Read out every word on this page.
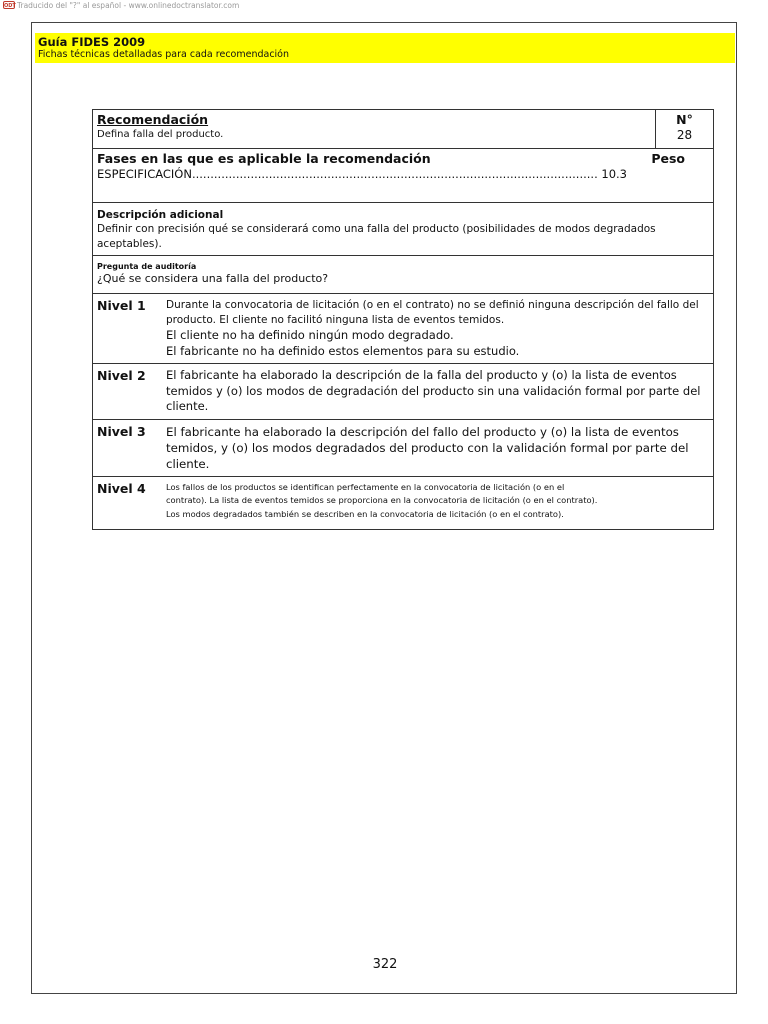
ODT Traducido del "?" al español - www.onlinedoctranslator.com
Guía FIDES 2009
Fichas técnicas detalladas para cada recomendación
Recomendación
Defina falla del producto.

N°
28

Fases en las que es aplicable la recomendación	Peso
ESPECIFICACIÓN............................................................................................................... 10.3

Descripción adicional
Definir con precisión qué se considerará como una falla del producto (posibilidades de modos degradados aceptables).

Pregunta de auditoría
¿Qué se considera una falla del producto?

Nivel 1	Durante la convocatoria de licitación (o en el contrato) no se definió ninguna descripción del fallo del producto. El cliente no facilitó ninguna lista de eventos temidos.
El cliente no ha definido ningún modo degradado.
El fabricante no ha definido estos elementos para su estudio.

Nivel 2	El fabricante ha elaborado la descripción de la falla del producto y (o) la lista de eventos temidos y (o) los modos de degradación del producto sin una validación formal por parte del cliente.

Nivel 3	El fabricante ha elaborado la descripción del fallo del producto y (o) la lista de eventos temidos, y (o) los modos degradados del producto con la validación formal por parte del cliente.

Nivel 4	Los fallos de los productos se identifican perfectamente en la convocatoria de licitación (o en el
contrato). La lista de eventos temidos se proporciona en la convocatoria de licitación (o en el contrato).
Los modos degradados también se describen en la convocatoria de licitación (o en el contrato).
322
